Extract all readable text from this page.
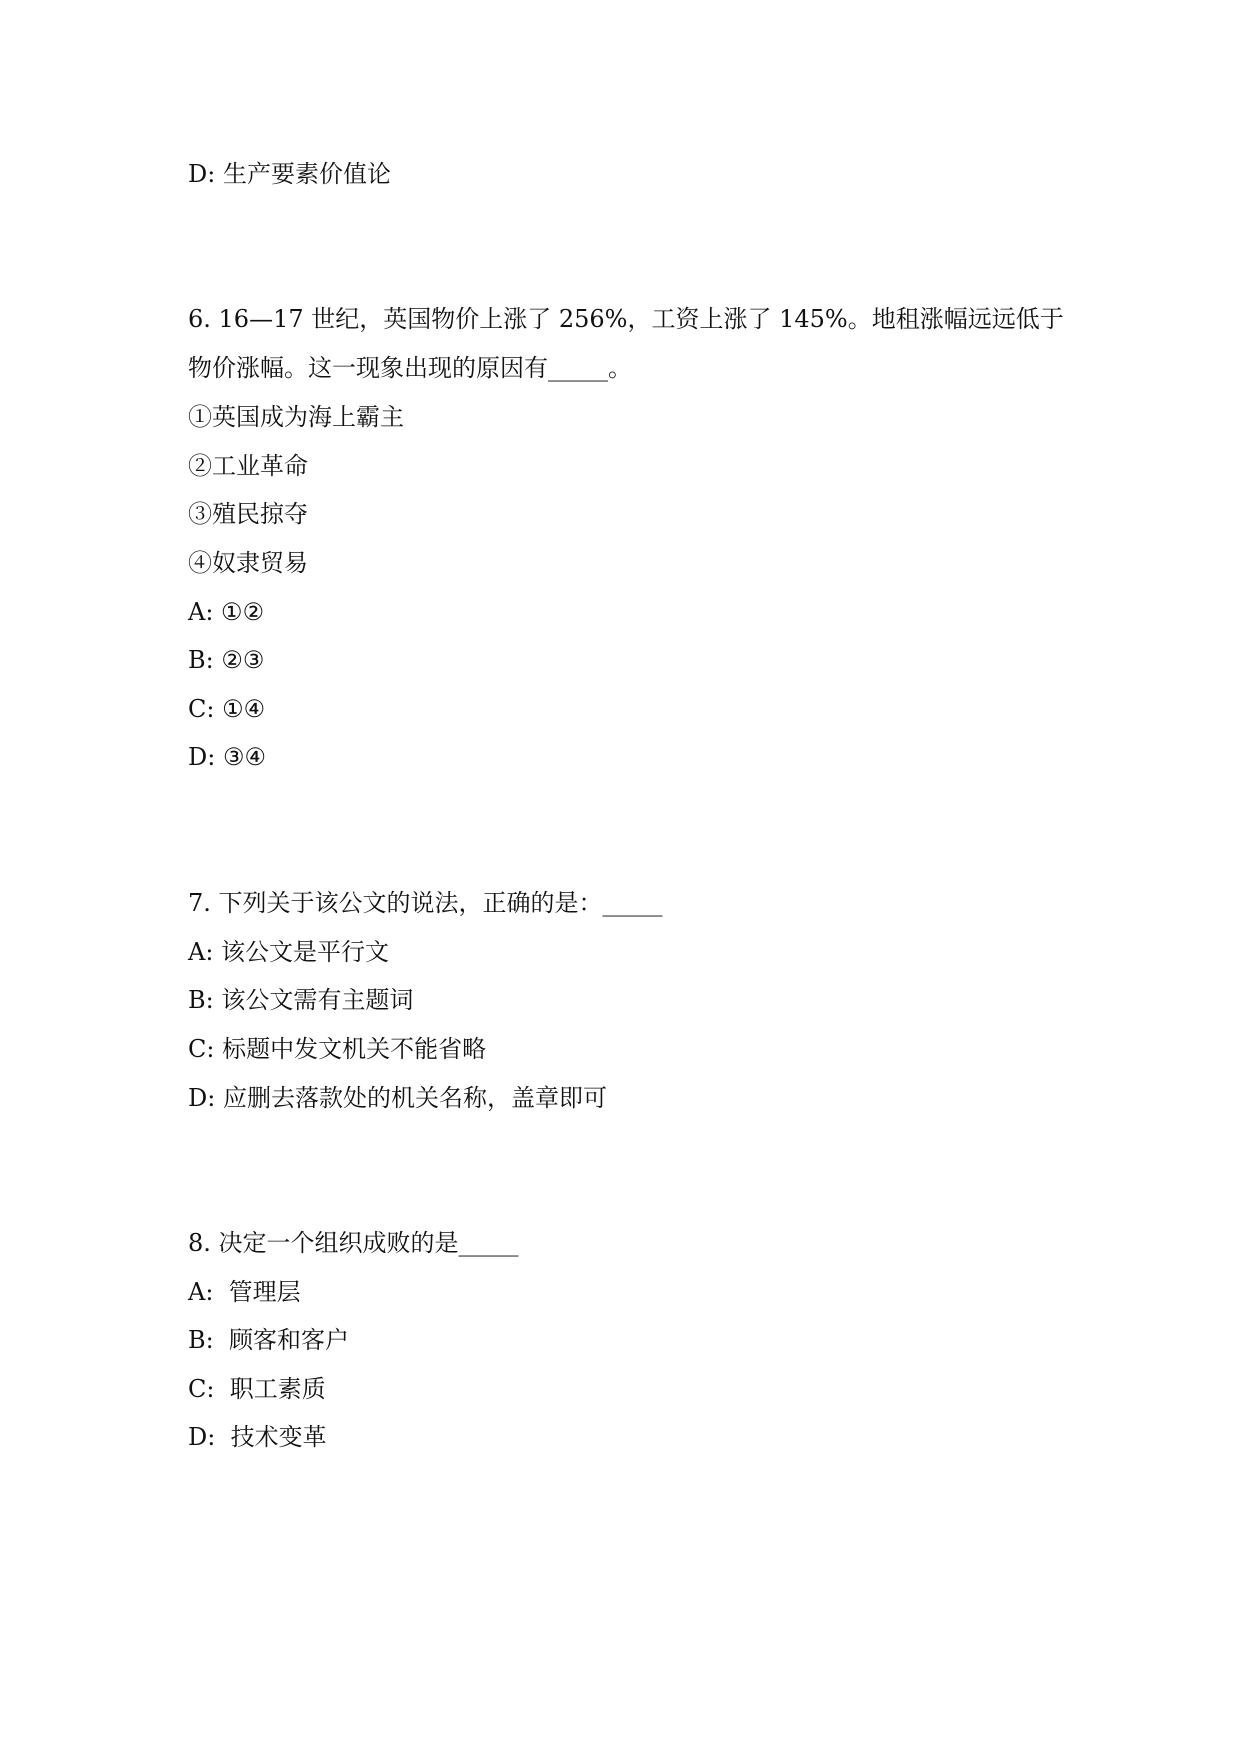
D: 生产要素价值论
6. 16—17 世纪，英国物价上涨了 256%，工资上涨了 145%。地租涨幅远远低于
物价涨幅。这一现象出现的原因有_____。
①英国成为海上霸主
②工业革命
③殖民掠夺
④奴隶贸易
A: ①②
B: ②③
C: ①④
D: ③④
7. 下列关于该公文的说法，正确的是：_____
A: 该公文是平行文
B: 该公文需有主题词
C: 标题中发文机关不能省略
D: 应删去落款处的机关名称，盖章即可
8. 决定一个组织成败的是_____
A:  管理层
B:  顾客和客户
C:  职工素质
D:  技术变革
